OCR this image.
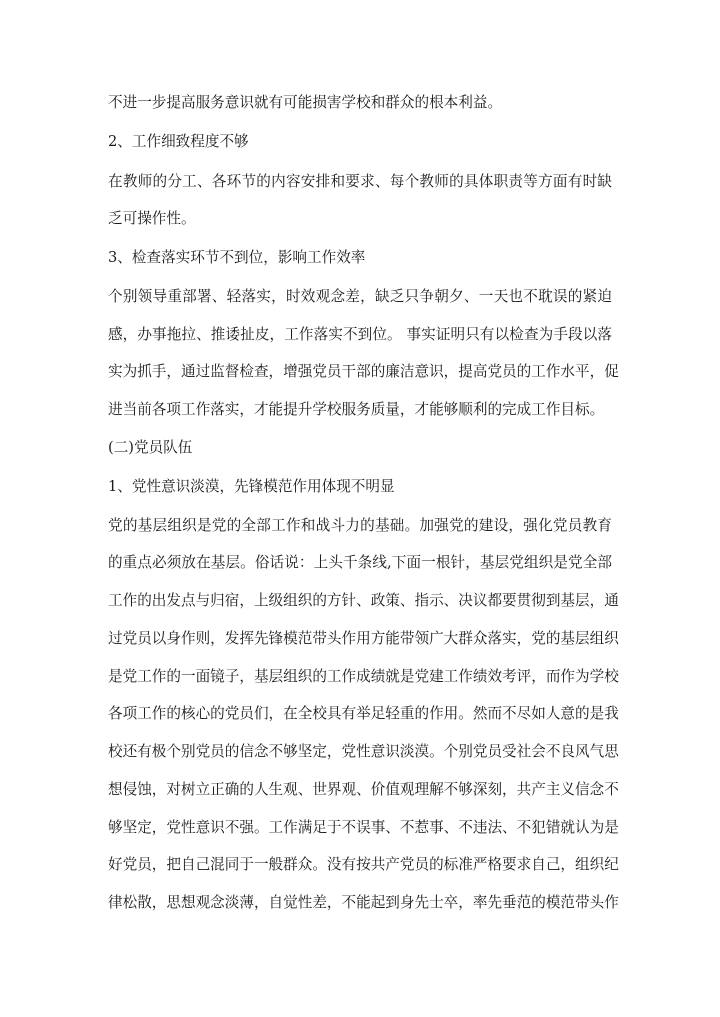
不进一步提高服务意识就有可能损害学校和群众的根本利益。
2、工作细致程度不够
在教师的分工、各环节的内容安排和要求、每个教师的具体职责等方面有时缺
乏可操作性。
3、检查落实环节不到位，影响工作效率
个别领导重部署、轻落实，时效观念差，缺乏只争朝夕、一天也不耽误的紧迫
感，办事拖拉、推诿扯皮，工作落实不到位。 事实证明只有以检查为手段以落
实为抓手，通过监督检查，增强党员干部的廉洁意识，提高党员的工作水平，促
进当前各项工作落实，才能提升学校服务质量，才能够顺利的完成工作目标。
(二)党员队伍
1、党性意识淡漠，先锋模范作用体现不明显
党的基层组织是党的全部工作和战斗力的基础。加强党的建设，强化党员教育
的重点必须放在基层。俗话说：上头千条线,下面一根针，基层党组织是党全部
工作的出发点与归宿，上级组织的方针、政策、指示、决议都要贯彻到基层，通
过党员以身作则，发挥先锋模范带头作用方能带领广大群众落实，党的基层组织
是党工作的一面镜子，基层组织的工作成绩就是党建工作绩效考评，而作为学校
各项工作的核心的党员们，在全校具有举足轻重的作用。然而不尽如人意的是我
校还有极个别党员的信念不够坚定，党性意识淡漠。个别党员受社会不良风气思
想侵蚀，对树立正确的人生观、世界观、价值观理解不够深刻，共产主义信念不
够坚定，党性意识不强。工作满足于不误事、不惹事、不违法、不犯错就认为是
好党员，把自己混同于一般群众。没有按共产党员的标准严格要求自己，组织纪
律松散，思想观念淡薄，自觉性差，不能起到身先士卒，率先垂范的模范带头作
